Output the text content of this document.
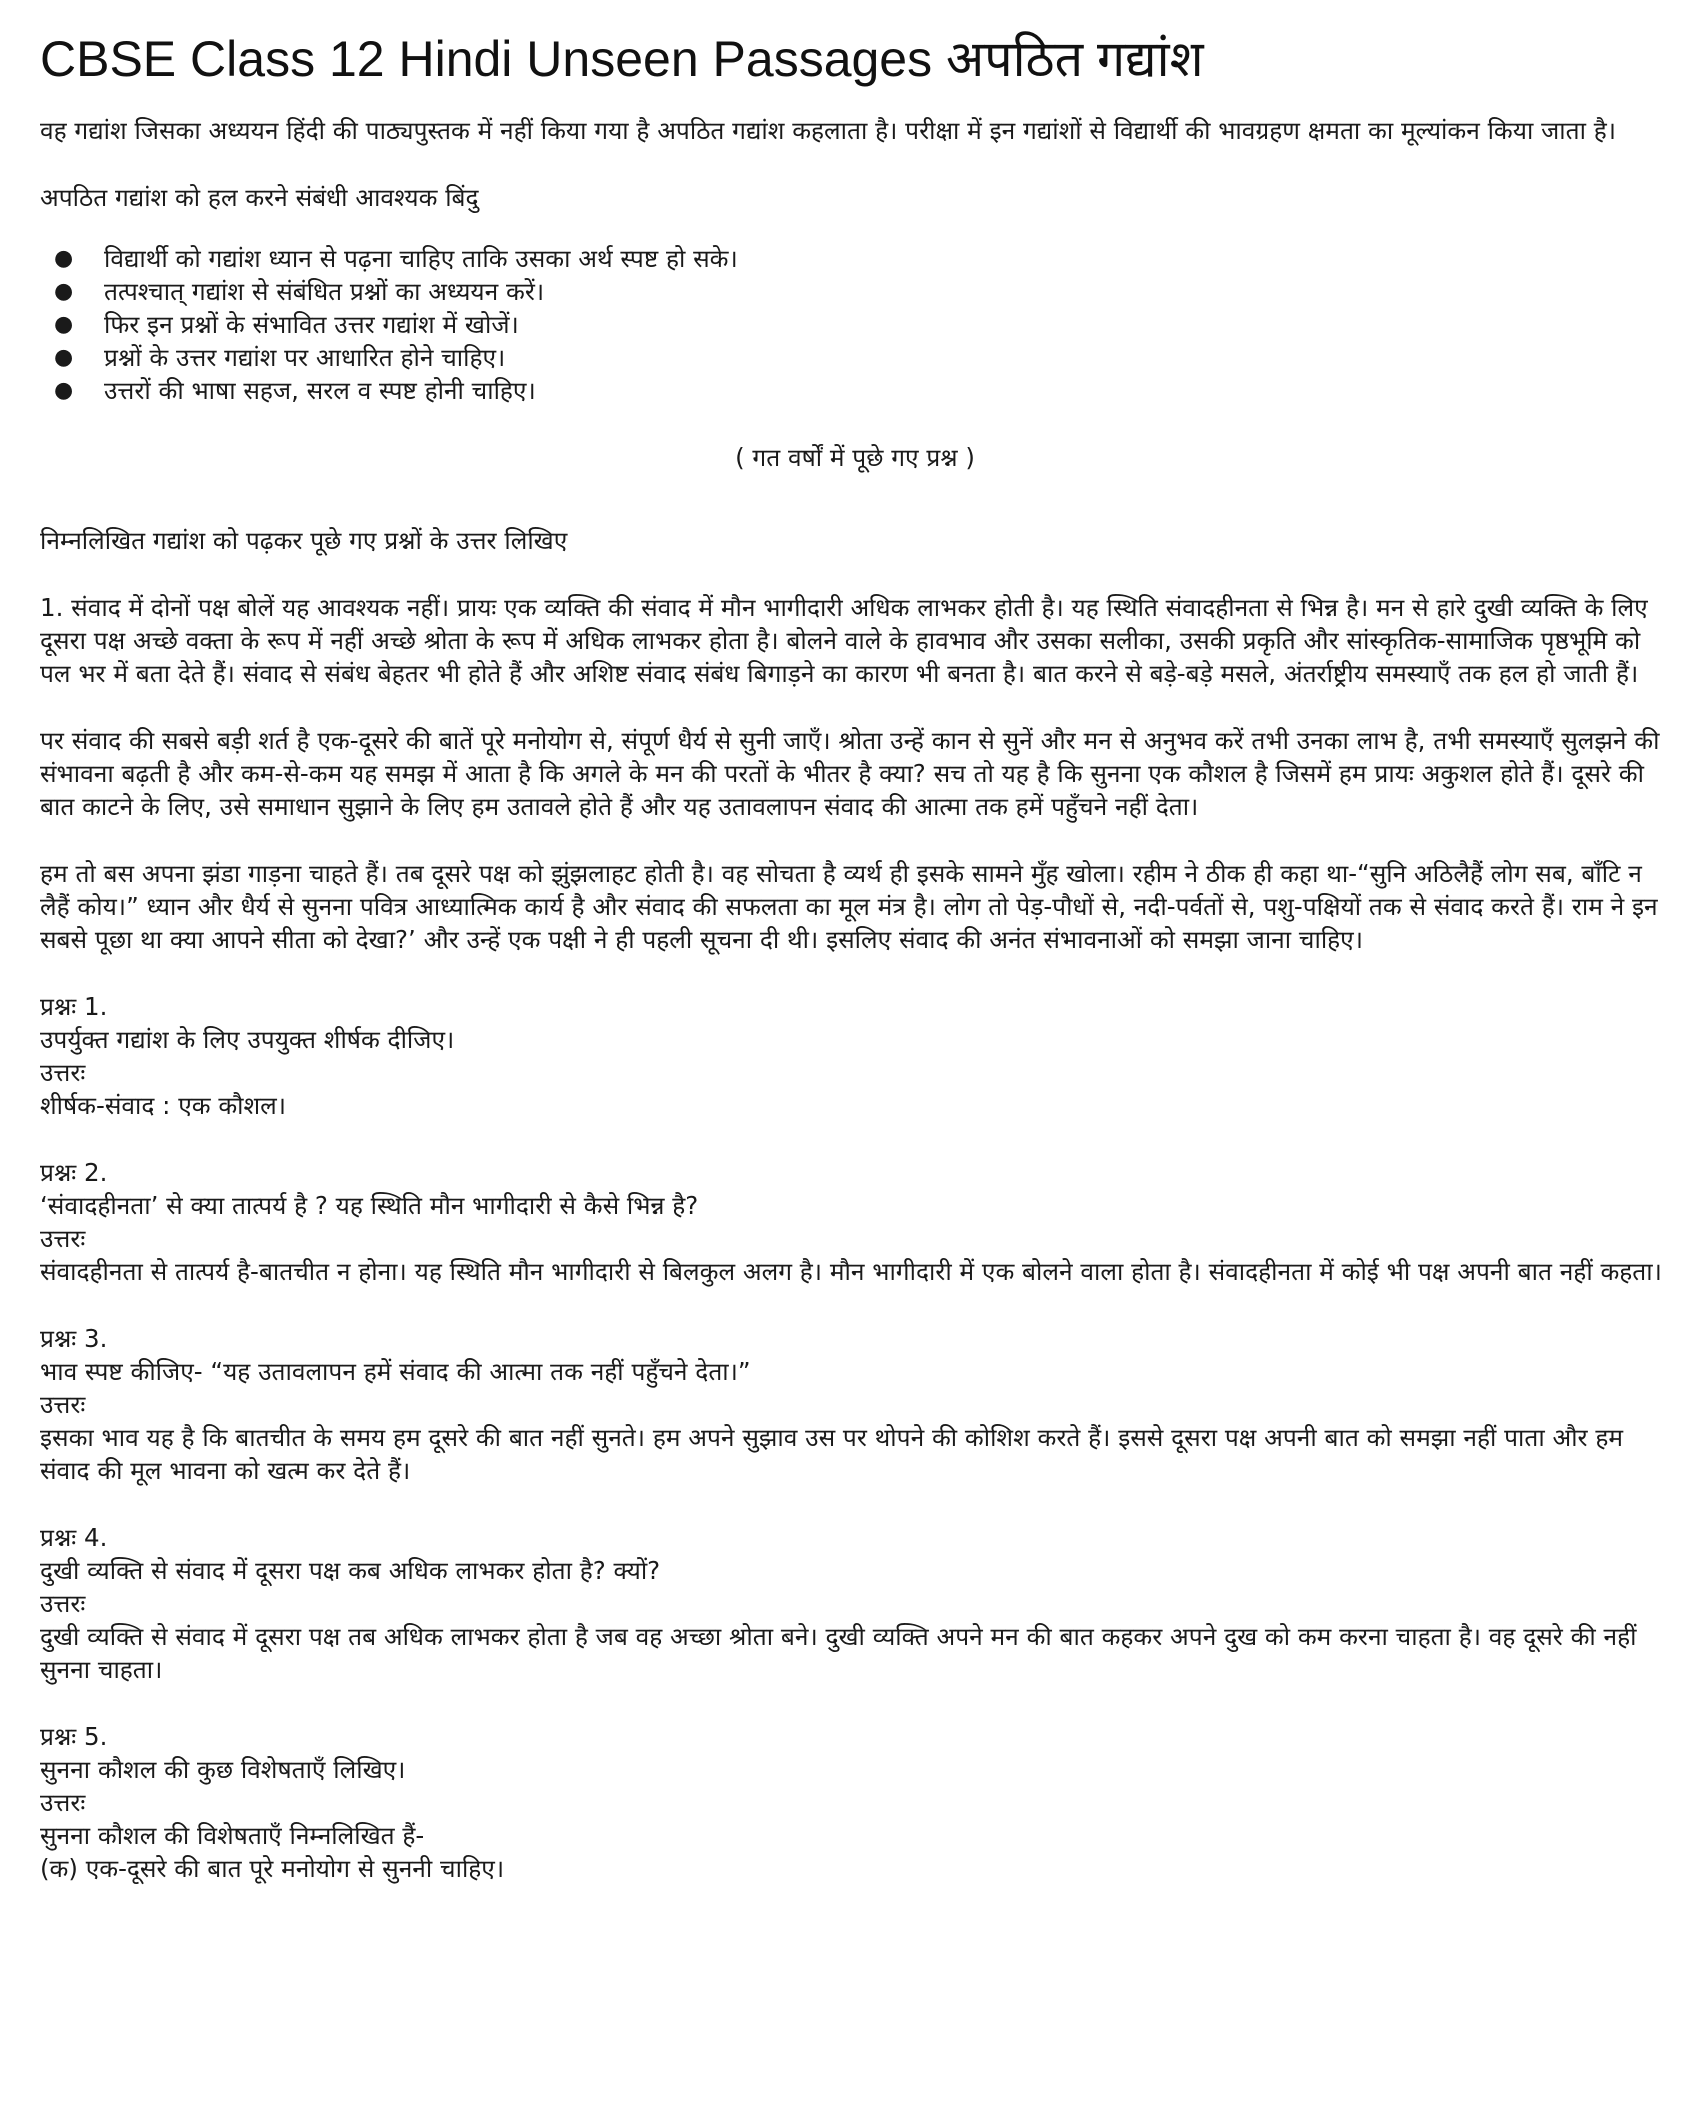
CBSE Class 12 Hindi Unseen Passages अपठित गद्यांश

वह गद्यांश जिसका अध्ययन हिंदी की पाठ्यपुस्तक में नहीं किया गया है अपठित गद्यांश कहलाता है। परीक्षा में इन गद्यांशों से विद्यार्थी की भावग्रहण क्षमता का मूल्यांकन किया जाता है।

अपठित गद्यांश को हल करने संबंधी आवश्यक बिंदु

● विद्यार्थी को गद्यांश ध्यान से पढ़ना चाहिए ताकि उसका अर्थ स्पष्ट हो सके।
● तत्पश्चात् गद्यांश से संबंधित प्रश्नों का अध्ययन करें।
● फिर इन प्रश्नों के संभावित उत्तर गद्यांश में खोजें।
● प्रश्नों के उत्तर गद्यांश पर आधारित होने चाहिए।
● उत्तरों की भाषा सहज, सरल व स्पष्ट होनी चाहिए।

( गत वर्षों में पूछे गए प्रश्न )

निम्नलिखित गद्यांश को पढ़कर पूछे गए प्रश्नों के उत्तर लिखिए

1. संवाद में दोनों पक्ष बोलें यह आवश्यक नहीं। प्रायः एक व्यक्ति की संवाद में मौन भागीदारी अधिक लाभकर होती है। यह स्थिति संवादहीनता से भिन्न है। मन से हारे दुखी व्यक्ति के लिए दूसरा पक्ष अच्छे वक्ता के रूप में नहीं अच्छे श्रोता के रूप में अधिक लाभकर होता है। बोलने वाले के हावभाव और उसका सलीका, उसकी प्रकृति और सांस्कृतिक-सामाजिक पृष्ठभूमि को पल भर में बता देते हैं। संवाद से संबंध बेहतर भी होते हैं और अशिष्ट संवाद संबंध बिगाड़ने का कारण भी बनता है। बात करने से बड़े-बड़े मसले, अंतर्राष्ट्रीय समस्याएँ तक हल हो जाती हैं।

पर संवाद की सबसे बड़ी शर्त है एक-दूसरे की बातें पूरे मनोयोग से, संपूर्ण धैर्य से सुनी जाएँ। श्रोता उन्हें कान से सुनें और मन से अनुभव करें तभी उनका लाभ है, तभी समस्याएँ सुलझने की संभावना बढ़ती है और कम-से-कम यह समझ में आता है कि अगले के मन की परतों के भीतर है क्या? सच तो यह है कि सुनना एक कौशल है जिसमें हम प्रायः अकुशल होते हैं। दूसरे की बात काटने के लिए, उसे समाधान सुझाने के लिए हम उतावले होते हैं और यह उतावलापन संवाद की आत्मा तक हमें पहुँचने नहीं देता।

हम तो बस अपना झंडा गाड़ना चाहते हैं। तब दूसरे पक्ष को झुंझलाहट होती है। वह सोचता है व्यर्थ ही इसके सामने मुँह खोला। रहीम ने ठीक ही कहा था-“सुनि अठिलैहैं लोग सब, बाँटि न लैहैं कोय।” ध्यान और धैर्य से सुनना पवित्र आध्यात्मिक कार्य है और संवाद की सफलता का मूल मंत्र है। लोग तो पेड़-पौधों से, नदी-पर्वतों से, पशु-पक्षियों तक से संवाद करते हैं। राम ने इन सबसे पूछा था क्या आपने सीता को देखा?’ और उन्हें एक पक्षी ने ही पहली सूचना दी थी। इसलिए संवाद की अनंत संभावनाओं को समझा जाना चाहिए।

प्रश्नः 1.
उपर्युक्त गद्यांश के लिए उपयुक्त शीर्षक दीजिए।
उत्तरः
शीर्षक-संवाद : एक कौशल।
प्रश्नः 2.
‘संवादहीनता’ से क्या तात्पर्य है ? यह स्थिति मौन भागीदारी से कैसे भिन्न है?
उत्तरः
संवादहीनता से तात्पर्य है-बातचीत न होना। यह स्थिति मौन भागीदारी से बिलकुल अलग है। मौन भागीदारी में एक बोलने वाला होता है। संवादहीनता में कोई भी पक्ष अपनी बात नहीं कहता।
प्रश्नः 3.
भाव स्पष्ट कीजिए- “यह उतावलापन हमें संवाद की आत्मा तक नहीं पहुँचने देता।”
उत्तरः
इसका भाव यह है कि बातचीत के समय हम दूसरे की बात नहीं सुनते। हम अपने सुझाव उस पर थोपने की कोशिश करते हैं। इससे दूसरा पक्ष अपनी बात को समझा नहीं पाता और हम संवाद की मूल भावना को खत्म कर देते हैं।
प्रश्नः 4.
दुखी व्यक्ति से संवाद में दूसरा पक्ष कब अधिक लाभकर होता है? क्यों?
उत्तरः
दुखी व्यक्ति से संवाद में दूसरा पक्ष तब अधिक लाभकर होता है जब वह अच्छा श्रोता बने। दुखी व्यक्ति अपने मन की बात कहकर अपने दुख को कम करना चाहता है। वह दूसरे की नहीं सुनना चाहता।
प्रश्नः 5.
सुनना कौशल की कुछ विशेषताएँ लिखिए।
उत्तरः
सुनना कौशल की विशेषताएँ निम्नलिखित हैं-
(क) एक-दूसरे की बात पूरे मनोयोग से सुननी चाहिए।
